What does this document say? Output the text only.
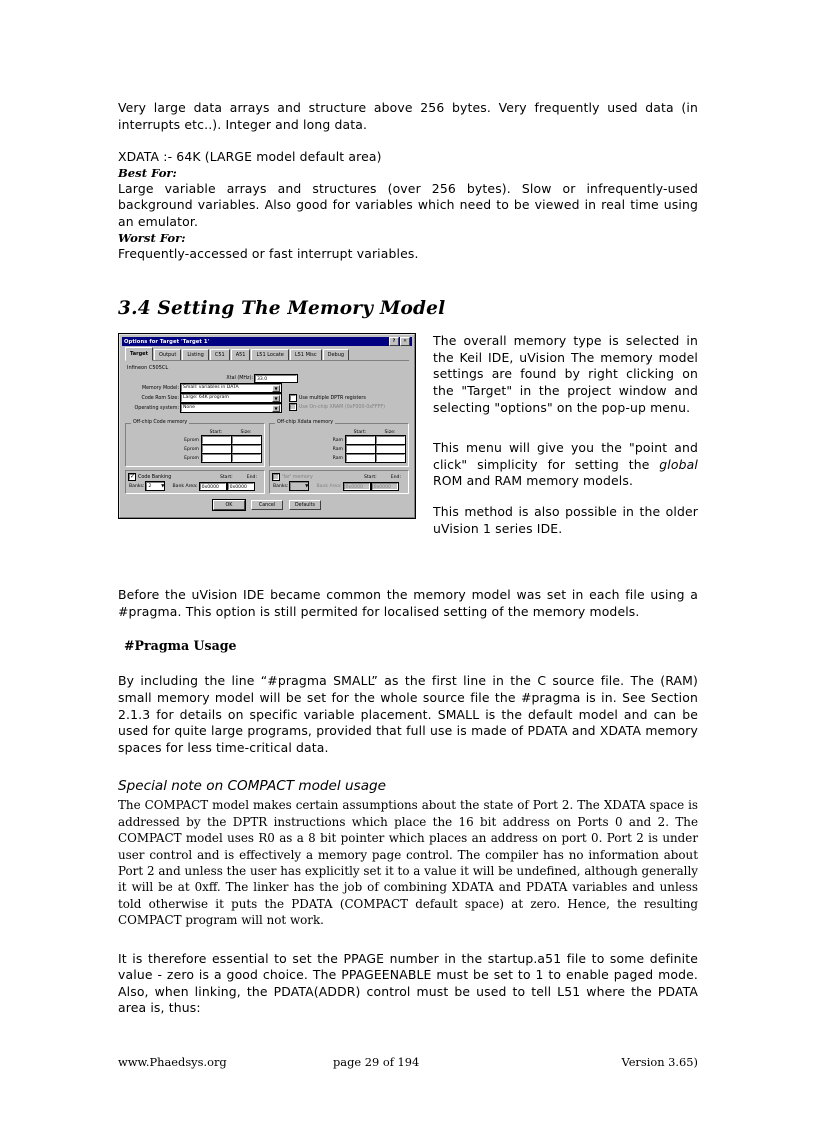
Very large data arrays and structure above 256 bytes. Very frequently used data (in interrupts etc..). Integer and long data.

XDATA :- 64K (LARGE model default area)

Best For:

Large variable arrays and structures (over 256 bytes). Slow or infrequently-used background variables. Also good for variables which need to be viewed in real time using an emulator.

Worst For:

Frequently-accessed or fast interrupt variables.

3.4 Setting The Memory Model
Options for Target 'Target 1'	?	✕
Target	Output	Listing	C51	A51	L51 Locate	L51 Misc	Debug
Infineon C505CL
Xtal (MHz): 33.0
Memory Model: Small: variables in DATA	▼
Code Rom Size: Large: 64K program	▼
Operating system: None	▼
Use multiple DPTR registers
Use On-chip XRAM (0xF000-0xFFFF)
Off-chip Code memory
Start:	Size:
Eprom
Eprom
Eprom
Off-chip Xdata memory
Start:	Size:
Ram
Ram
Ram
✓
Code Banking	Start:	End:
Banks: 2	▼ Bank Area: 0x0000	0x0000
'far' memory	Start:	End:
Banks:	▼ Bank Area: 0x0000	0x0000
OK	Cancel	Defaults

The overall memory type is selected in the Keil IDE, uVision The memory model settings are found by right clicking on the "Target" in the project window and selecting "options" on the pop-up menu.

This menu will give you the "point and click" simplicity for setting the global ROM and RAM memory models.

This method is also possible in the older uVision 1 series IDE.

Before the uVision IDE became common the memory model was set in each file using a #pragma. This option is still permited for localised setting of the memory models.

#Pragma Usage

By including the line “#pragma SMALL” as the first line in the C source file. The (RAM) small memory model will be set for the whole source file the #pragma is in. See Section 2.1.3 for details on specific variable placement. SMALL is the default model and can be used for quite large programs, provided that full use is made of PDATA and XDATA memory spaces for less time-critical data.

Special note on COMPACT model usage

The COMPACT model makes certain assumptions about the state of Port 2. The XDATA space is addressed by the DPTR instructions which place the 16 bit address on Ports 0 and 2. The COMPACT model uses R0 as a 8 bit pointer which places an address on port 0. Port 2 is under user control and is effectively a memory page control. The compiler has no information about Port 2 and unless the user has explicitly set it to a value it will be undefined, although generally it will be at 0xff. The linker has the job of combining XDATA and PDATA variables and unless told otherwise it puts the PDATA (COMPACT default space) at zero. Hence, the resulting COMPACT program will not work.

It is therefore essential to set the PPAGE number in the startup.a51 file to some definite value - zero is a good choice. The PPAGEENABLE must be set to 1 to enable paged mode. Also, when linking, the PDATA(ADDR) control must be used to tell L51 where the PDATA area is, thus:

www.Phaedsys.org	page 29 of 194	Version 3.65)
